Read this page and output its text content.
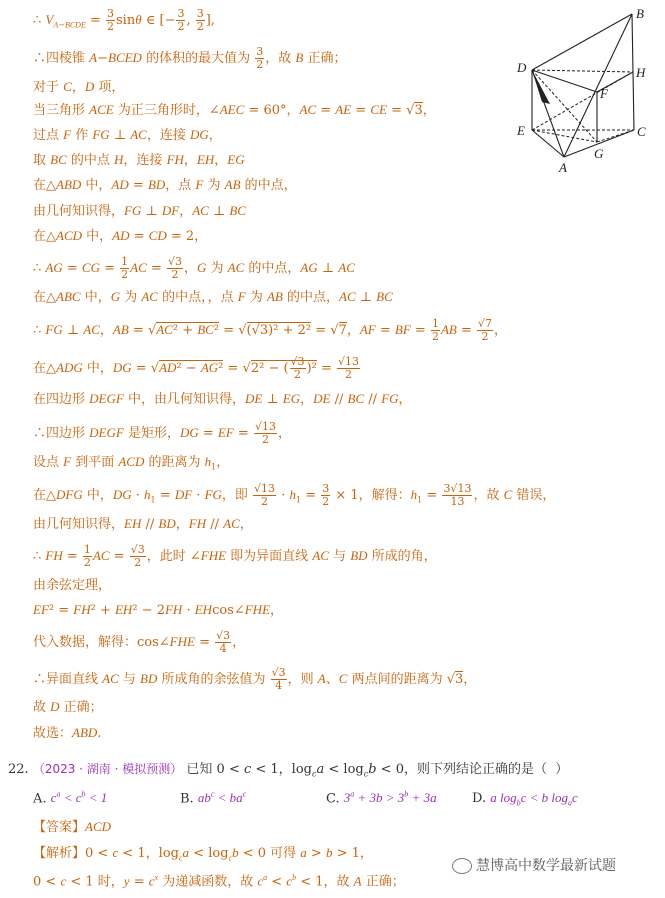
∴ $V_{A-BCDE} = \frac{3}{2}$ sinθ ∈ [− $\frac{3}{2}$ , $\frac{3}{2}$ ],
∴四棱锥 A−BCED 的体积的最大值为 $\frac{3}{2}$ ，故 B 正确；
对于 C，D 项，
当三角形 ACE 为正三角形时，∠AEC = 60°，AC = AE = CE = √3，
过点 F 作 FG ⊥ AC，连接 DG，
取 BC 的中点 H，连接 FH，EH，EG
在△ABD 中，AD = BD，点 F 为 AB 的中点，
由几何知识得，FG ⊥ DF，AC ⊥ BC
在△ACD 中，AD = CD = 2，
∴ AG = CG = $\frac{1}{2}$ AC = $\frac{√3}{2}$ ，G 为 AC 的中点，AG ⊥ AC
在△ABC 中，G 为 AC 的中点，，点 F 为 AB 的中点，AC ⊥ BC
∴ FG ⊥ AC，AB = √AC² + BC² = √(√3)² + 2² = √7，AF = BF = $\frac{1}{2}$ AB = $\frac{√7}{2}$ ，
在△ADG 中，DG = √AD² − AG² = √2² − ( $\frac{√3}{2} )^2 = \frac{√13}{2}$
在四边形 DEGF 中，由几何知识得，DE ⊥ EG，DE // BC // FG，
∴四边形 DEGF 是矩形，DG = EF = $\frac{√13}{2}$ ，
设点 F 到平面 ACD 的距离为 $h_1$，
在△DFG 中，DG · $h_1$ = DF · FG，即 $\frac{√13}{2} \cdot h_1 = \frac{3}{2} \times 1$，解得：$h_1 = \frac{3√13}{13}$ ，故 C 错误，
由几何知识得，EH // BD，FH // AC，
∴ FH = $\frac{1}{2}$ AC = $\frac{√3}{2}$ ，此时 ∠FHE 即为异面直线 AC 与 BD 所成的角，
由余弦定理，
EF² = FH² + EH² − 2FH · EHcos∠FHE，
代入数据，解得：cos∠FHE = $\frac{√3}{4}$ ，
∴异面直线 AC 与 BD 所成角的余弦值为 $\frac{√3}{4}$ ，则 A、C 两点间的距离为 √3，
故 D 正确；
故选：ABD.
B
D	H
F
E	C
G
A
22. （2023 · 湖南 · 模拟预测） 已知 0 < c < 1，$\log_ca < \log_cb < 0$，则下列结论正确的是（ ）
A. $c^a < c^b < 1$	B. $ab^c < ba^c$	C. $3^a + 3b > 3^b + 3a$	D. a $\log_bc < b$ $\log_ac$
【答案】ACD
【解析】0 < c < 1，$\log_ca < \log_cb < 0$ 可得 a > b > 1，
0 < c < 1 时，$y = c^x$ 为递减函数，故 $c^a < c^b < 1$，故 A 正确；
慧博高中数学最新试题
